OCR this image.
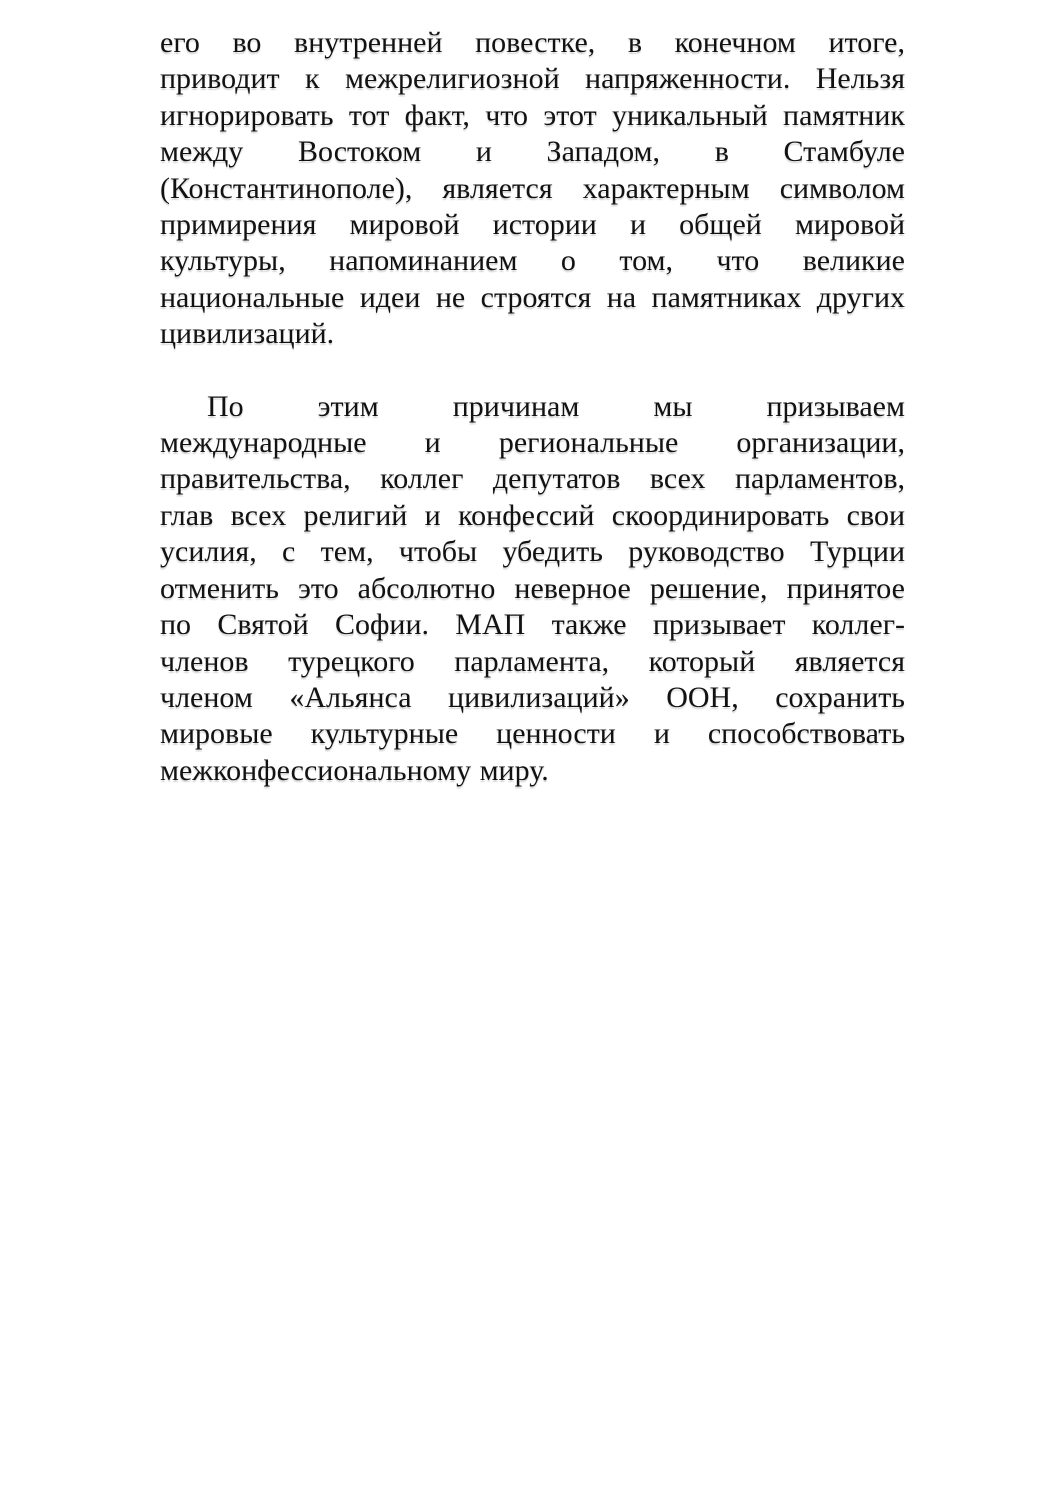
его во внутренней повестке, в конечном итоге,
приводит к межрелигиозной напряженности. Нельзя
игнорировать тот факт, что этот уникальный памятник
между Востоком и Западом, в Стамбуле
(Константинополе), является характерным символом
примирения мировой истории и общей мировой
культуры, напоминанием о том, что великие
национальные идеи не строятся на памятниках других
цивилизаций.

По этим причинам мы призываем
международные и региональные организации,
правительства, коллег депутатов всех парламентов,
глав всех религий и конфессий скоординировать свои
усилия, с тем, чтобы убедить руководство Турции
отменить это абсолютно неверное решение, принятое
по Святой Софии. МАП также призывает коллег-
членов турецкого парламента, который является
членом «Альянса цивилизаций» ООН, сохранить
мировые культурные ценности и способствовать
межконфессиональному миру.
